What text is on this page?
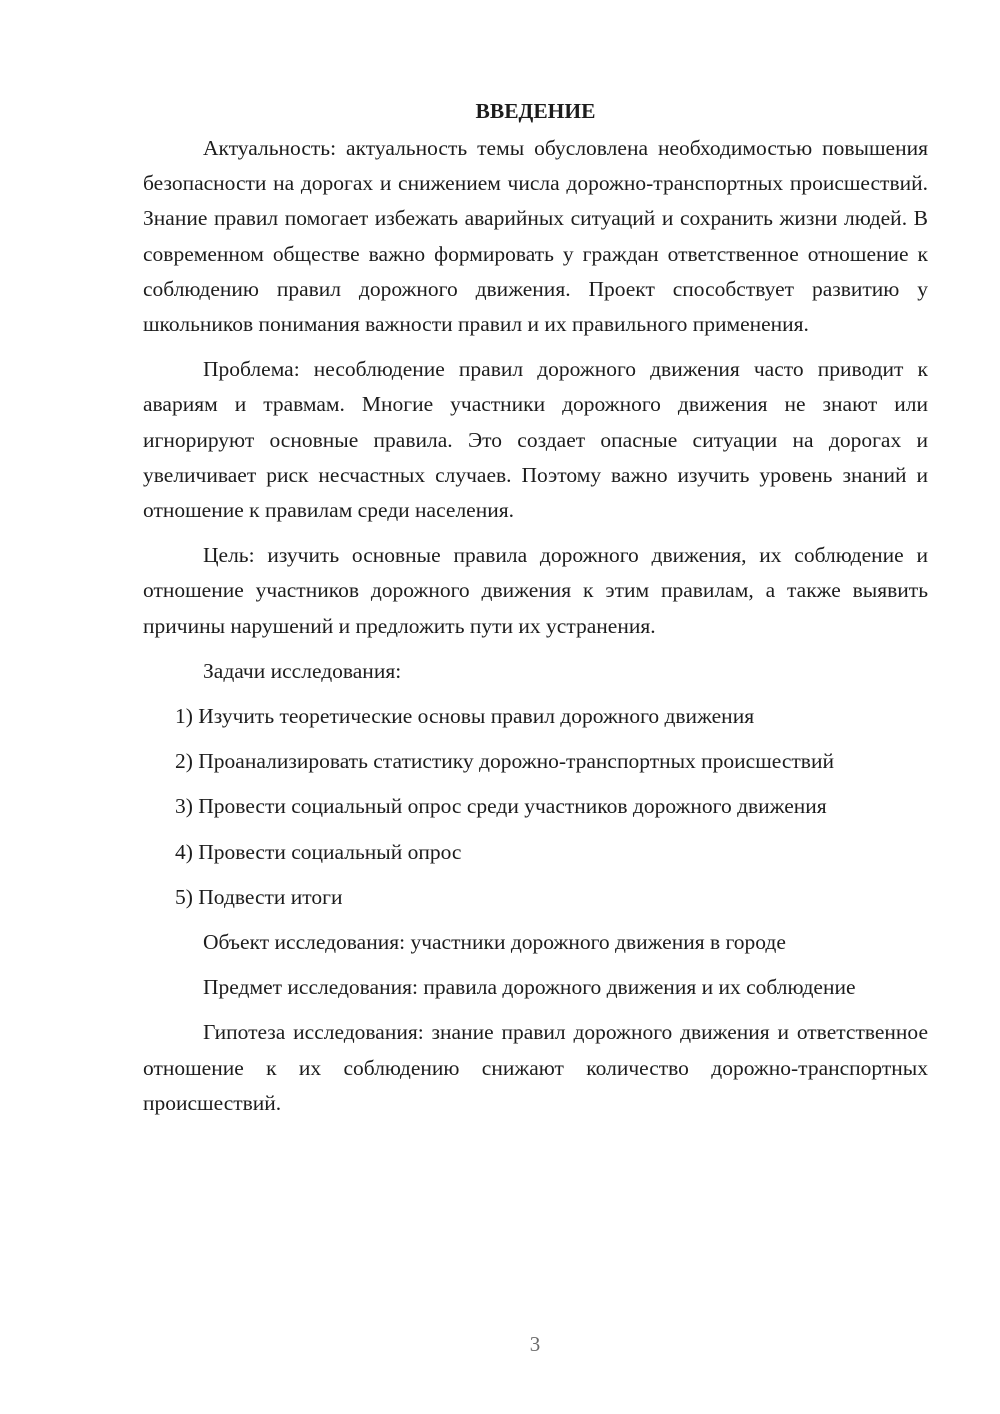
ВВЕДЕНИЕ

Актуальность: актуальность темы обусловлена необходимостью повышения безопасности на дорогах и снижением числа дорожно-транспортных происшествий. Знание правил помогает избежать аварийных ситуаций и сохранить жизни людей. В современном обществе важно формировать у граждан ответственное отношение к соблюдению правил дорожного движения. Проект способствует развитию у школьников понимания важности правил и их правильного применения.

Проблема: несоблюдение правил дорожного движения часто приводит к авариям и травмам. Многие участники дорожного движения не знают или игнорируют основные правила. Это создает опасные ситуации на дорогах и увеличивает риск несчастных случаев. Поэтому важно изучить уровень знаний и отношение к правилам среди населения.

Цель: изучить основные правила дорожного движения, их соблюдение и отношение участников дорожного движения к этим правилам, а также выявить причины нарушений и предложить пути их устранения.

Задачи исследования:

1) Изучить теоретические основы правил дорожного движения

2) Проанализировать статистику дорожно-транспортных происшествий

3) Провести социальный опрос среди участников дорожного движения

4) Провести социальный опрос

5) Подвести итоги

Объект исследования: участники дорожного движения в городе

Предмет исследования: правила дорожного движения и их соблюдение

Гипотеза исследования: знание правил дорожного движения и ответственное отношение к их соблюдению снижают количество дорожно-транспортных происшествий.

3
